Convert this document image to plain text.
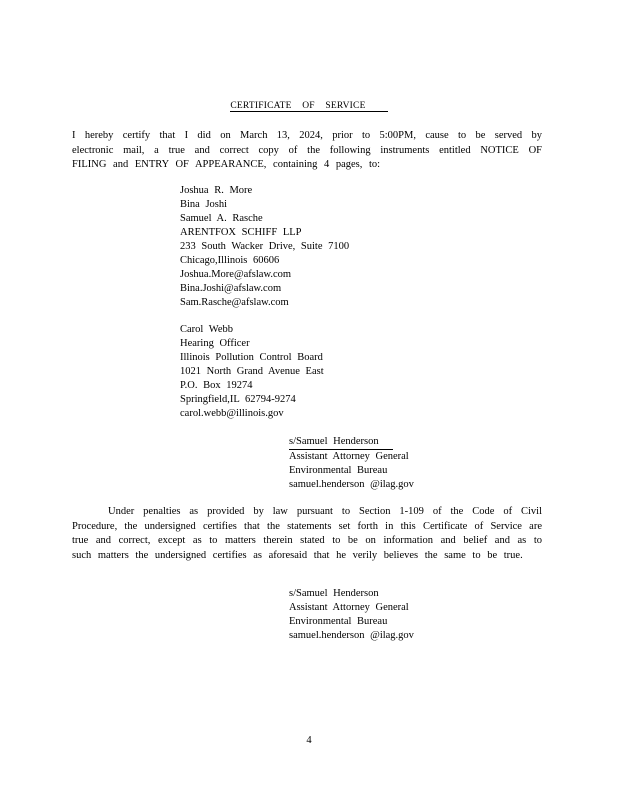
CERTIFICATE OF SERVICE

I hereby certify that I did on March 13, 2024, prior to 5:00PM, cause to be served by electronic mail, a true and correct copy of the following instruments entitled NOTICE OF FILING and ENTRY OF APPEARANCE, containing 4 pages, to:

Joshua R. More
Bina Joshi
Samuel A. Rasche
ARENTFOX SCHIFF LLP
233 South Wacker Drive, Suite 7100
Chicago,Illinois 60606
Joshua.More@afslaw.com
Bina.Joshi@afslaw.com
Sam.Rasche@afslaw.com
Carol Webb
Hearing Officer
Illinois Pollution Control Board
1021 North Grand Avenue East
P.O. Box 19274
Springfield,IL 62794-9274
carol.webb@illinois.gov
s/Samuel Henderson
Assistant Attorney General
Environmental Bureau
samuel.henderson @ilag.gov

Under penalties as provided by law pursuant to Section 1-109 of the Code of Civil Procedure, the undersigned certifies that the statements set forth in this Certificate of Service are true and correct, except as to matters therein stated to be on information and belief and as to such matters the undersigned certifies as aforesaid that he verily believes the same to be true.

s/Samuel Henderson
Assistant Attorney General
Environmental Bureau
samuel.henderson @ilag.gov
4
